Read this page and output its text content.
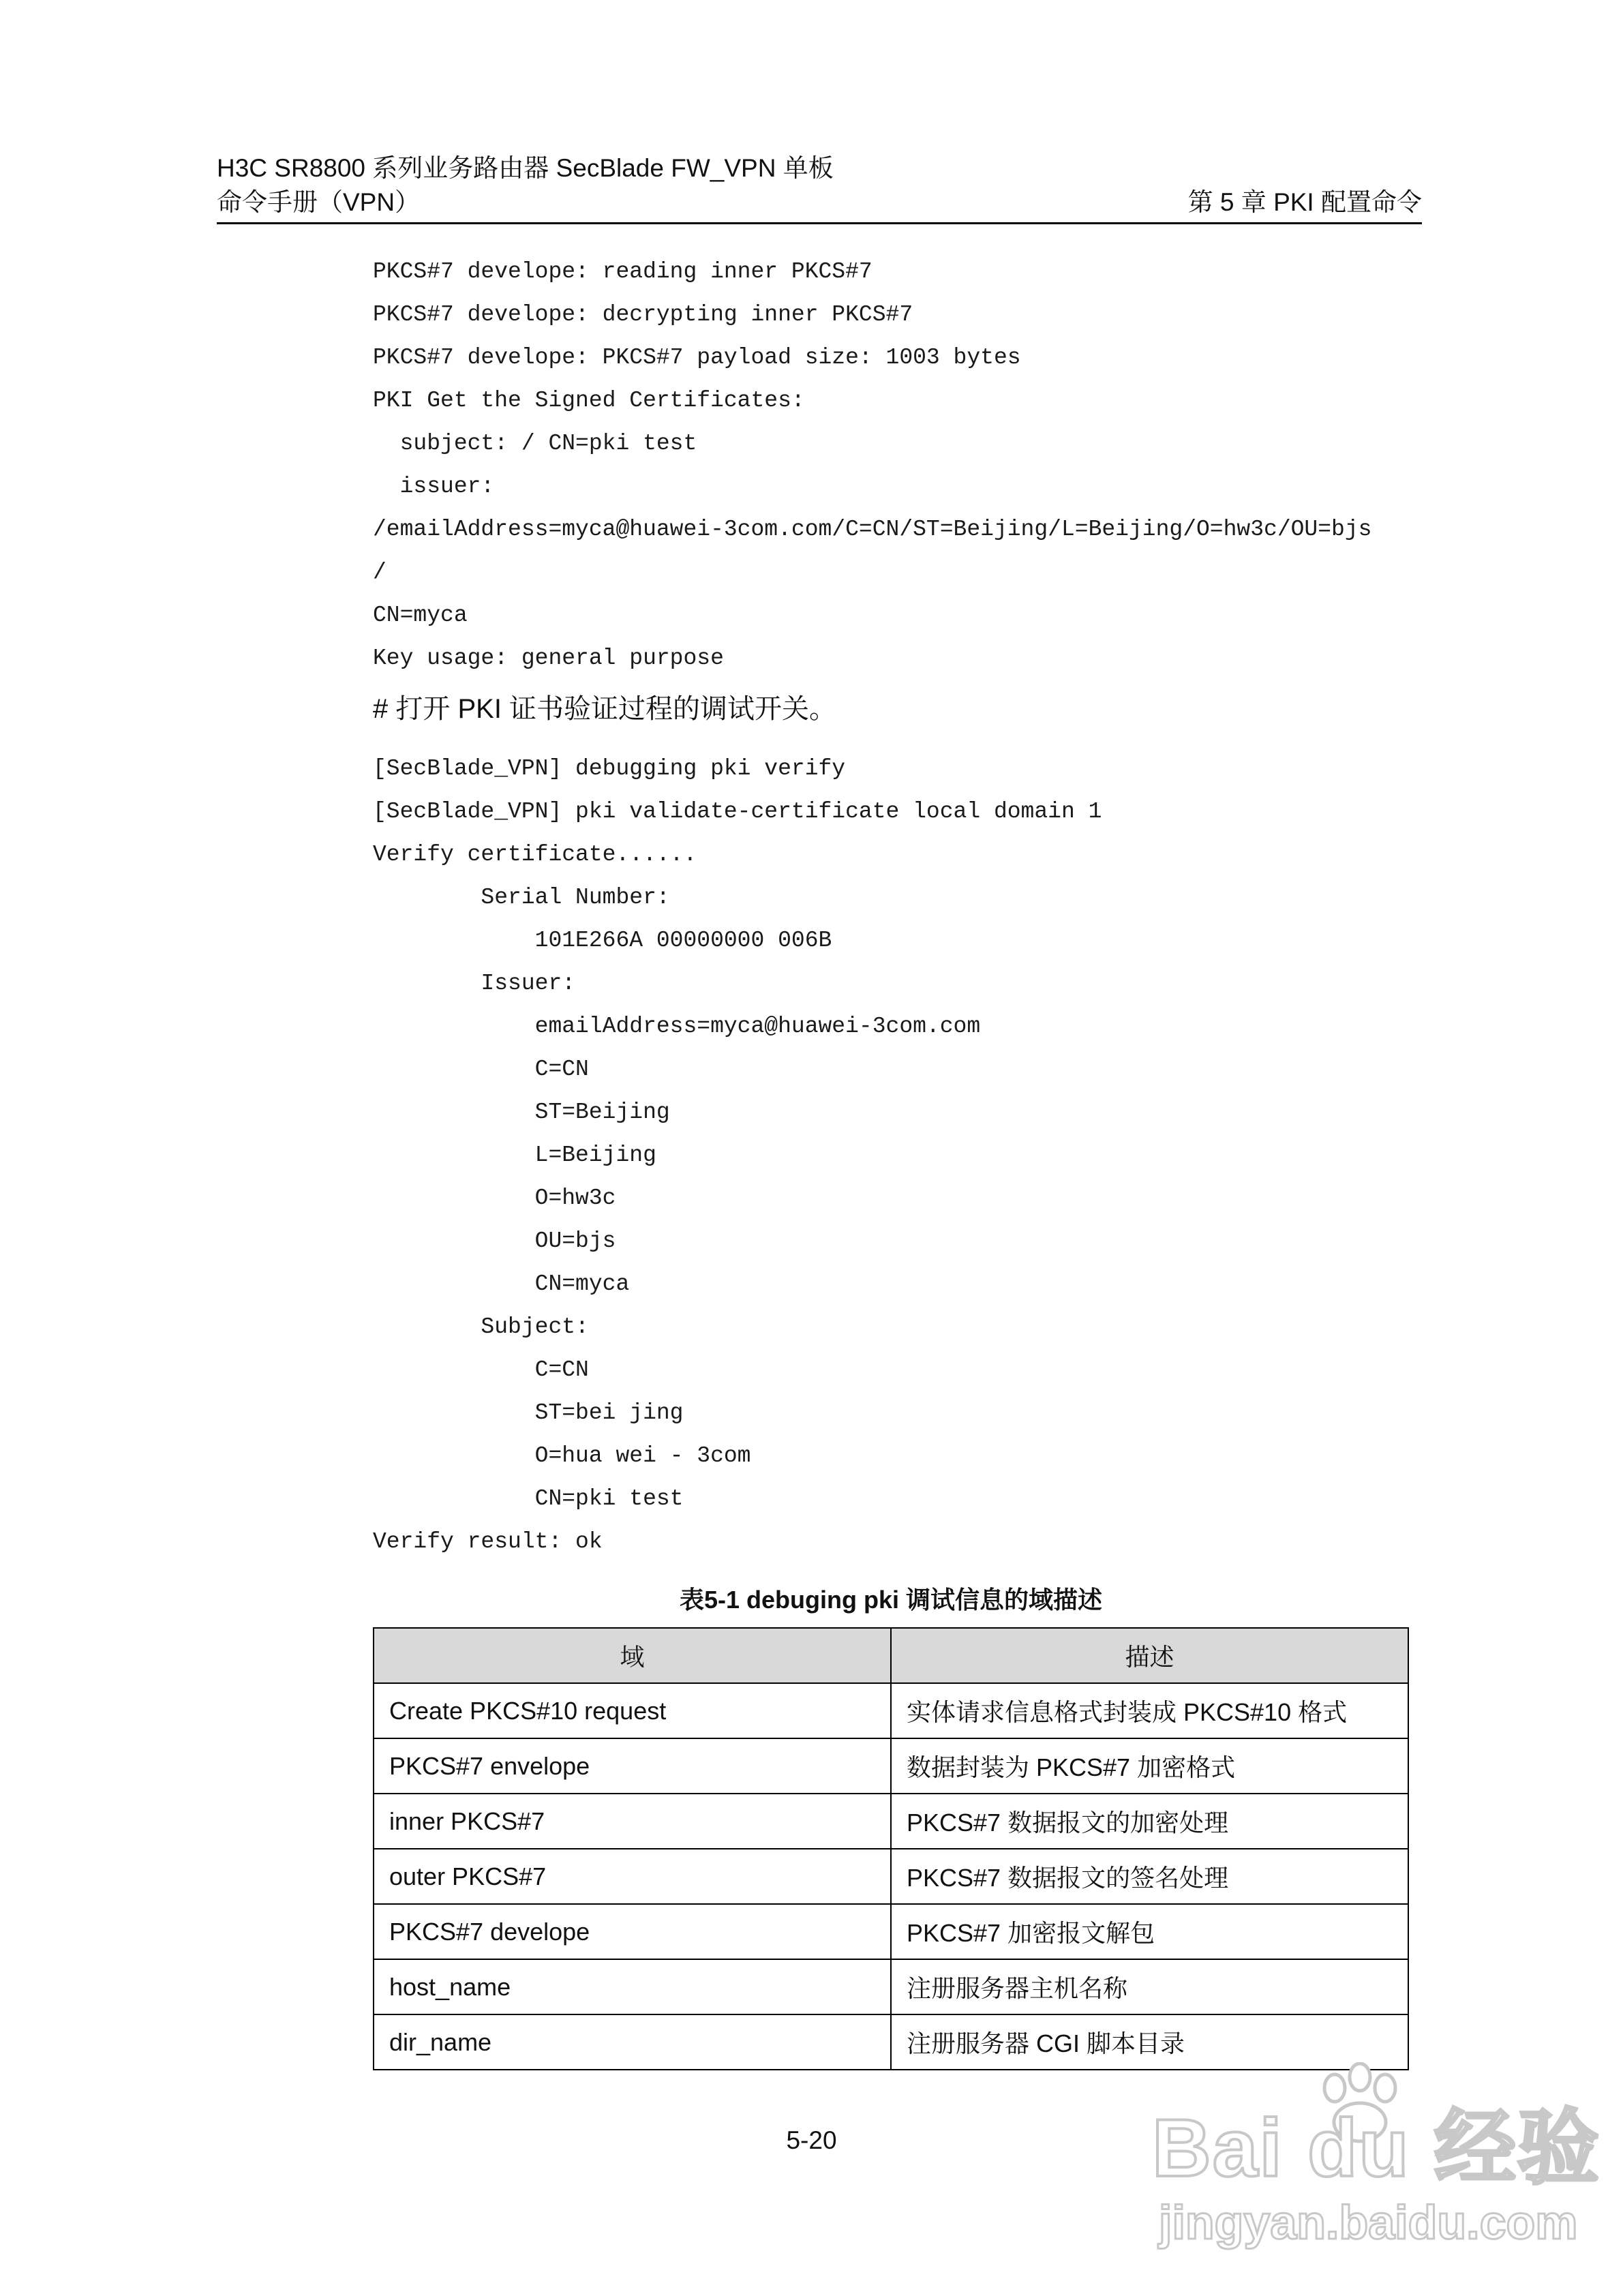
H3C SR8800 系列业务路由器 SecBlade FW_VPN 单板
命令手册（VPN）	第 5 章 PKI 配置命令
PKCS#7 develope: reading inner PKCS#7
PKCS#7 develope: decrypting inner PKCS#7
PKCS#7 develope: PKCS#7 payload size: 1003 bytes
PKI Get the Signed Certificates:
subject: / CN=pki test
issuer:
/emailAddress=myca@huawei-3com.com/C=CN/ST=Beijing/L=Beijing/O=hw3c/OU=bjs
/
CN=myca
Key usage: general purpose
# 打开 PKI 证书验证过程的调试开关。
[SecBlade_VPN] debugging pki verify
[SecBlade_VPN] pki validate-certificate local domain 1
Verify certificate......
Serial Number:
101E266A 00000000 006B
Issuer:
emailAddress=myca@huawei-3com.com
C=CN
ST=Beijing
L=Beijing
O=hw3c
OU=bjs
CN=myca
Subject:
C=CN
ST=bei jing
O=hua wei - 3com
CN=pki test
Verify result: ok
表5-1 debuging pki 调试信息的域描述
域	描述
Create PKCS#10 request	实体请求信息格式封装成 PKCS#10 格式
PKCS#7 envelope	数据封装为 PKCS#7 加密格式
inner PKCS#7	PKCS#7 数据报文的加密处理
outer PKCS#7	PKCS#7 数据报文的签名处理
PKCS#7 develope	PKCS#7 加密报文解包
host_name	注册服务器主机名称
dir_name	注册服务器 CGI 脚本目录
5-20	Bai du 经验
jingyan.baidu.com
